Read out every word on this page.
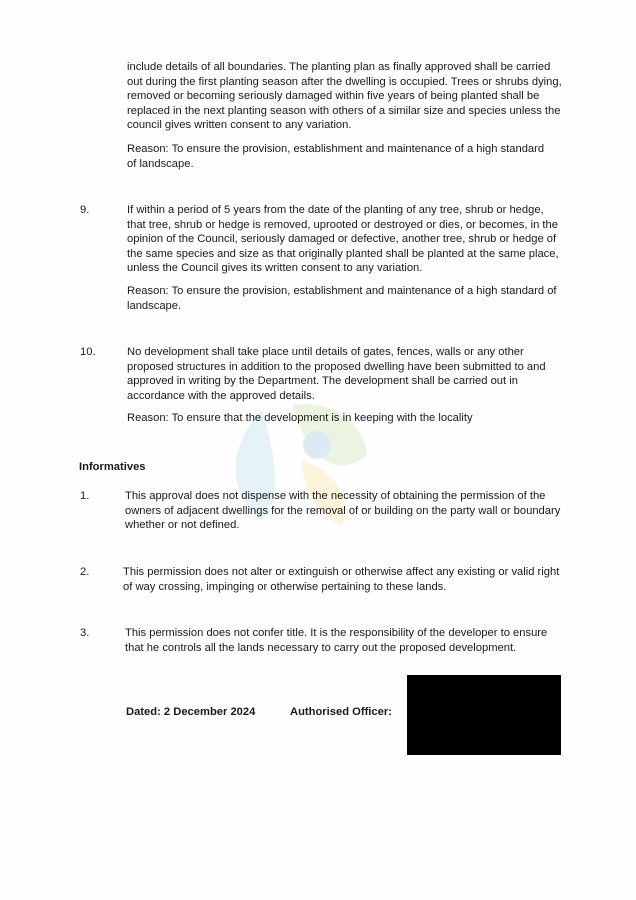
include details of all boundaries. The planting plan as finally approved shall be carried
out during the first planting season after the dwelling is occupied. Trees or shrubs dying,
removed or becoming seriously damaged within five years of being planted shall be
replaced in the next planting season with others of a similar size and species unless the
council gives written consent to any variation.
Reason: To ensure the provision, establishment and maintenance of a high standard
of landscape.
9.	If within a period of 5 years from the date of the planting of any tree, shrub or hedge,
that tree, shrub or hedge is removed, uprooted or destroyed or dies, or becomes, in the
opinion of the Council, seriously damaged or defective, another tree, shrub or hedge of
the same species and size as that originally planted shall be planted at the same place,
unless the Council gives its written consent to any variation.
Reason: To ensure the provision, establishment and maintenance of a high standard of
landscape.
10.	No development shall take place until details of gates, fences, walls or any other
proposed structures in addition to the proposed dwelling have been submitted to and
approved in writing by the Department. The development shall be carried out in
accordance with the approved details.
Reason: To ensure that the development is in keeping with the locality
Informatives
1.	This approval does not dispense with the necessity of obtaining the permission of the
owners of adjacent dwellings for the removal of or building on the party wall or boundary
whether or not defined.
2.	This permission does not alter or extinguish or otherwise affect any existing or valid right
of way crossing, impinging or otherwise pertaining to these lands.
3.	This permission does not confer title. It is the responsibility of the developer to ensure
that he controls all the lands necessary to carry out the proposed development.
Dated: 2 December 2024	Authorised Officer:
